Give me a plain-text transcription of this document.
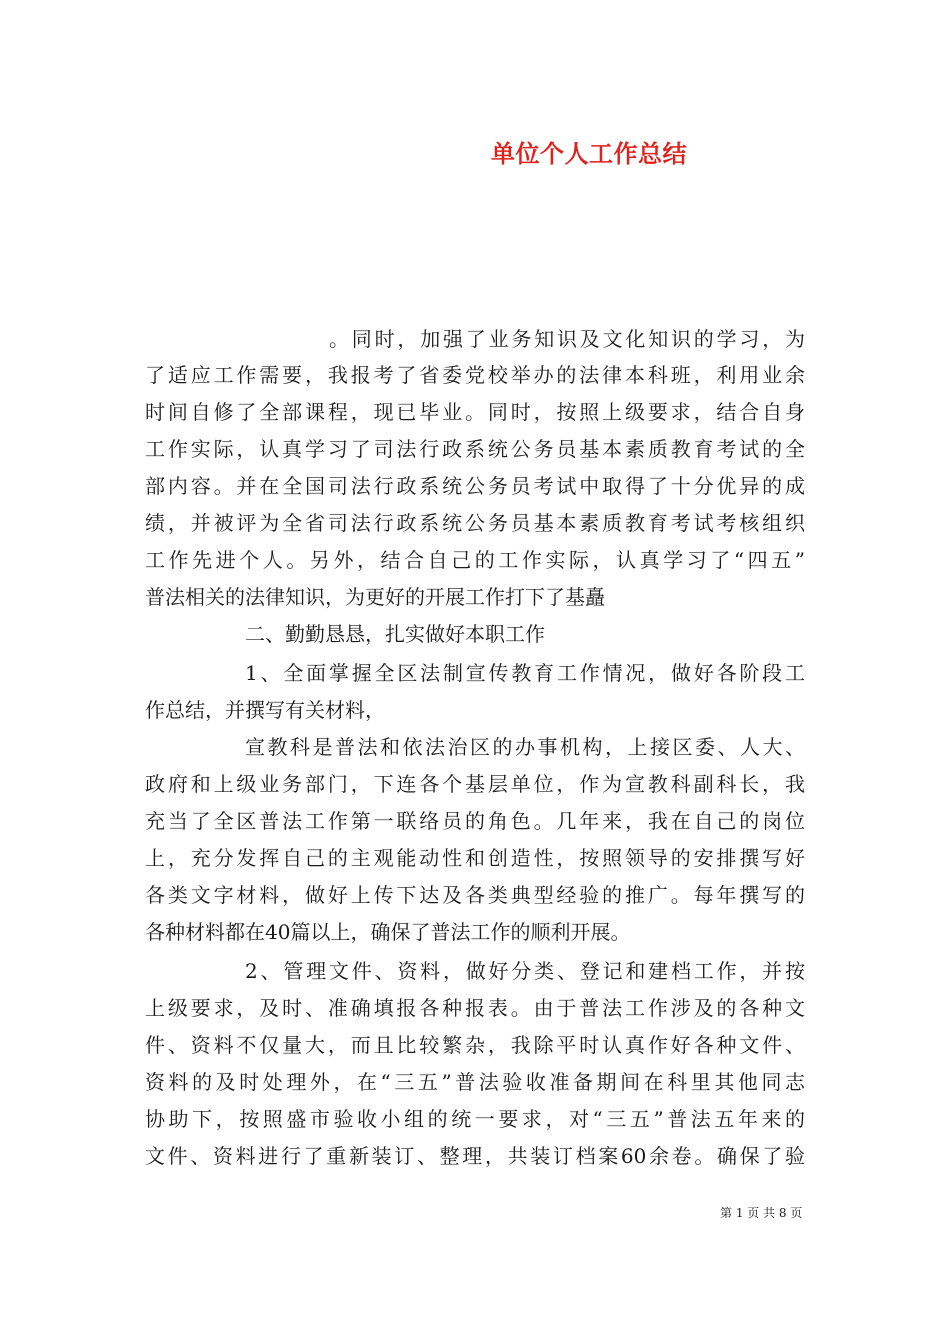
单位个人工作总结
。同时，加强了业务知识及文化知识的学习，为
了适应工作需要，我报考了省委党校举办的法律本科班，利用业余
时间自修了全部课程，现已毕业。同时，按照上级要求，结合自身
工作实际，认真学习了司法行政系统公务员基本素质教育考试的全
部内容。并在全国司法行政系统公务员考试中取得了十分优异的成
绩，并被评为全省司法行政系统公务员基本素质教育考试考核组织
工作先进个人。另外，结合自己的工作实际，认真学习了“四五”
普法相关的法律知识，为更好的开展工作打下了基矗
二、勤勤恳恳，扎实做好本职工作
1、全面掌握全区法制宣传教育工作情况，做好各阶段工
作总结，并撰写有关材料，
宣教科是普法和依法治区的办事机构，上接区委、人大、
政府和上级业务部门，下连各个基层单位，作为宣教科副科长，我
充当了全区普法工作第一联络员的角色。几年来，我在自己的岗位
上，充分发挥自己的主观能动性和创造性，按照领导的安排撰写好
各类文字材料，做好上传下达及各类典型经验的推广。每年撰写的
各种材料都在40篇以上，确保了普法工作的顺利开展。
2、管理文件、资料，做好分类、登记和建档工作，并按
上级要求，及时、准确填报各种报表。由于普法工作涉及的各种文
件、资料不仅量大，而且比较繁杂，我除平时认真作好各种文件、
资料的及时处理外，在“三五”普法验收准备期间在科里其他同志
协助下，按照盛市验收小组的统一要求，对“三五”普法五年来的
文件、资料进行了重新装订、整理，共装订档案60余卷。确保了验
第 1 页 共 8 页
